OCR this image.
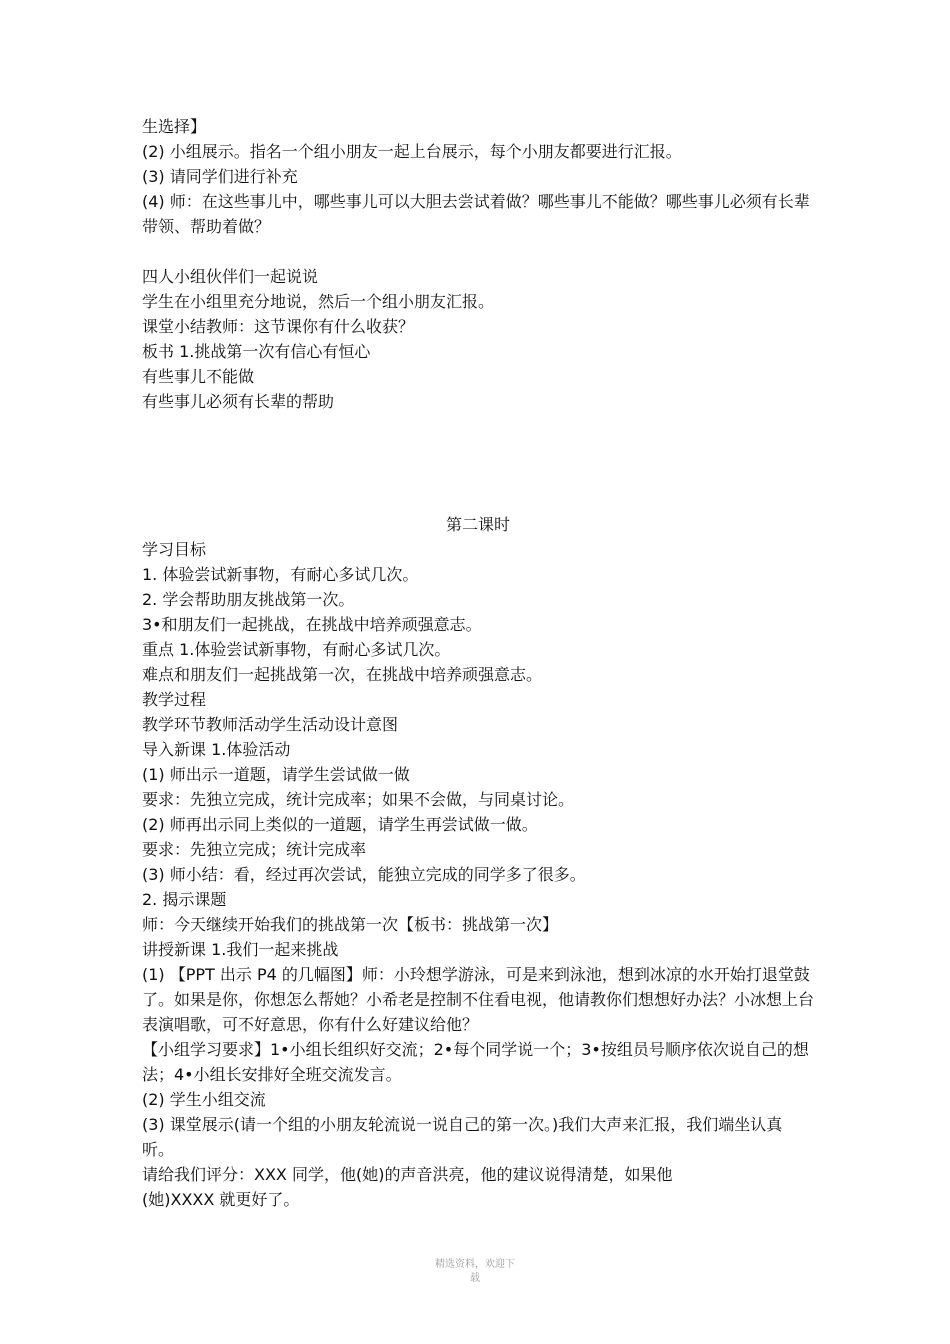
生选择】
(2) 小组展示。指名一个组小朋友一起上台展示，每个小朋友都要进行汇报。
(3) 请同学们进行补充
(4) 师：在这些事儿中，哪些事儿可以大胆去尝试着做？哪些事儿不能做？哪些事儿必须有长辈带领、帮助着做？
四人小组伙伴们一起说说
学生在小组里充分地说，然后一个组小朋友汇报。
课堂小结教师：这节课你有什么收获？
板书 1.挑战第一次有信心有恒心
有些事儿不能做
有些事儿必须有长辈的帮助
第二课时
学习目标
1. 体验尝试新事物，有耐心多试几次。
2. 学会帮助朋友挑战第一次。
3•和朋友们一起挑战，在挑战中培养顽强意志。
重点 1.体验尝试新事物，有耐心多试几次。
难点和朋友们一起挑战第一次，在挑战中培养顽强意志。
教学过程
教学环节教师活动学生活动设计意图
导入新课 1.体验活动
(1) 师出示一道题，请学生尝试做一做
要求：先独立完成，统计完成率；如果不会做，与同桌讨论。
(2) 师再出示同上类似的一道题，请学生再尝试做一做。
要求：先独立完成；统计完成率
(3) 师小结：看，经过再次尝试，能独立完成的同学多了很多。
2. 揭示课题
师：今天继续开始我们的挑战第一次【板书：挑战第一次】
讲授新课 1.我们一起来挑战
(1) 【PPT 出示 P4 的几幅图】师：小玲想学游泳，可是来到泳池，想到冰凉的水开始打退堂鼓了。如果是你，你想怎么帮她？小希老是控制不住看电视，他请教你们想想好办法？小冰想上台表演唱歌，可不好意思，你有什么好建议给他？
【小组学习要求】1•小组长组织好交流；2•每个同学说一个；3•按组员号顺序依次说自己的想法；4•小组长安排好全班交流发言。
(2) 学生小组交流
(3) 课堂展示(请一个组的小朋友轮流说一说自己的第一次。)我们大声来汇报，我们端坐认真听。
请给我们评分：XXX 同学，他(她)的声音洪亮，他的建议说得清楚，如果他
(她)XXXX 就更好了。
精选资料，欢迎下
载
